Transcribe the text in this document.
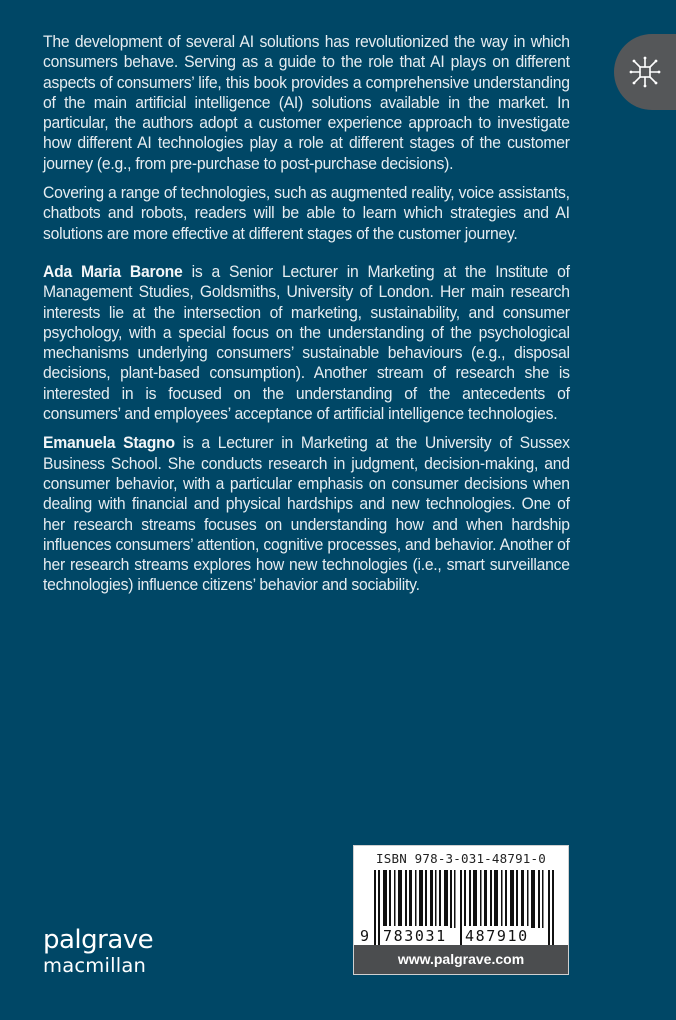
The development of several AI solutions has revolutionized the way in which consumers behave. Serving as a guide to the role that AI plays on different aspects of consumers’ life, this book provides a comprehensive understanding of the main artificial intelligence (AI) solutions available in the market. In particular, the authors adopt a customer experience approach to investigate how different AI technologies play a role at different stages of the customer journey (e.g., from pre-purchase to post-purchase decisions).

Covering a range of technologies, such as augmented reality, voice assistants, chatbots and robots, readers will be able to learn which strategies and AI solutions are more effective at different stages of the customer journey.

Ada Maria Barone is a Senior Lecturer in Marketing at the Institute of Management Studies, Goldsmiths, University of London. Her main research interests lie at the intersection of marketing, sustainability, and consumer psychology, with a special focus on the understanding of the psychological mechanisms underlying consumers’ sustainable behaviours (e.g., disposal decisions, plant-based consumption). Another stream of research she is interested in is focused on the understanding of the antecedents of consumers’ and employees’ acceptance of artificial intelligence technologies.

Emanuela Stagno is a Lecturer in Marketing at the University of Sussex Business School. She conducts research in judgment, decision-making, and consumer behavior, with a particular emphasis on consumer decisions when dealing with financial and physical hardships and new technologies. One of her research streams focuses on understanding how and when hardship influences consumers’ attention, cognitive processes, and behavior. Another of her research streams explores how new technologies (i.e., smart surveillance technologies) influence citizens’ behavior and sociability.

ISBN 978-3-031-48791-0
9 783031 487910
www.palgrave.com
palgrave
macmillan
